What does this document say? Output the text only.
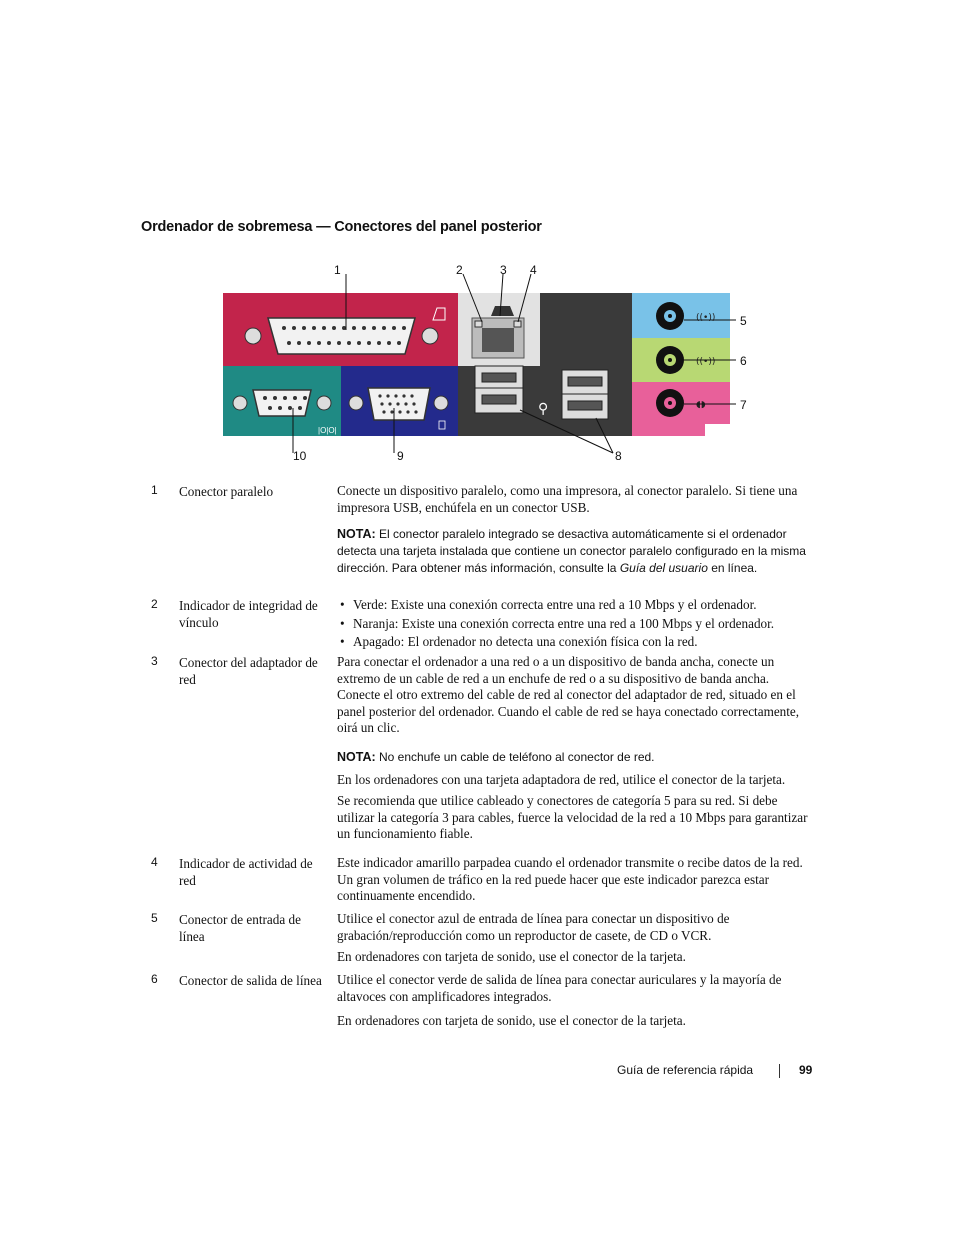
Ordenador de sobremesa — Conectores del panel posterior
|O|O|
⚲
((•))
((•))
◖◗
1	2	3 4
5
6
7
8
9
10
1 Conector paralelo	Conecte un dispositivo paralelo, como una impresora, al conector paralelo. Si tiene una impresora USB, enchúfela en un conector USB.

NOTA: El conector paralelo integrado se desactiva automáticamente si el ordenador detecta una tarjeta instalada que contiene un conector paralelo configurado en la misma dirección. Para obtener más información, consulte la Guía del usuario en línea.

2 Indicador de integridad de vínculo
• Verde: Existe una conexión correcta entre una red a 10 Mbps y el ordenador.
• Naranja: Existe una conexión correcta entre una red a 100 Mbps y el ordenador.
• Apagado: El ordenador no detecta una conexión física con la red.
3 Conector del adaptador de red

Para conectar el ordenador a una red o a un dispositivo de banda ancha, conecte un extremo de un cable de red a un enchufe de red o a su dispositivo de banda ancha. Conecte el otro extremo del cable de red al conector del adaptador de red, situado en el panel posterior del ordenador. Cuando el cable de red se haya conectado correctamente, oirá un clic.

NOTA: No enchufe un cable de teléfono al conector de red.

En los ordenadores con una tarjeta adaptadora de red, utilice el conector de la tarjeta.

Se recomienda que utilice cableado y conectores de categoría 5 para su red. Si debe utilizar la categoría 3 para cables, fuerce la velocidad de la red a 10 Mbps para garantizar un funcionamiento fiable.

4 Indicador de actividad de red

Este indicador amarillo parpadea cuando el ordenador transmite o recibe datos de la red. Un gran volumen de tráfico en la red puede hacer que este indicador parezca estar continuamente encendido.

5 Conector de entrada de línea

Utilice el conector azul de entrada de línea para conectar un dispositivo de grabación/reproducción como un reproductor de casete, de CD o VCR.

En ordenadores con tarjeta de sonido, use el conector de la tarjeta.

6 Conector de salida de línea	Utilice el conector verde de salida de línea para conectar auriculares y la mayoría de altavoces con amplificadores integrados.

En ordenadores con tarjeta de sonido, use el conector de la tarjeta.

Guía de referencia rápida	99
